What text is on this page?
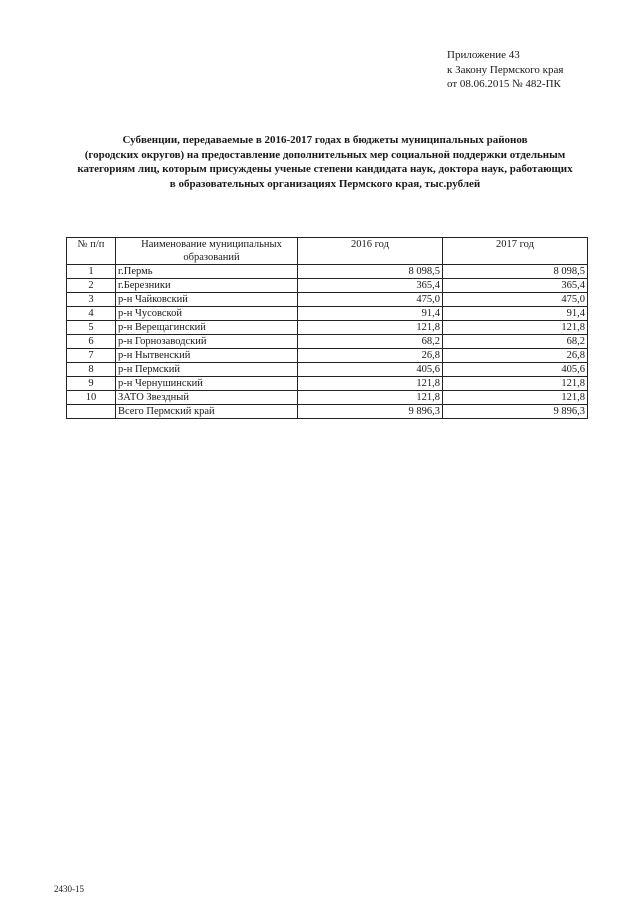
Приложение 43
к Закону Пермского края
от 08.06.2015 № 482-ПК
Субвенции, передаваемые в 2016-2017 годах в бюджеты муниципальных районов
(городских округов) на предоставление дополнительных мер социальной поддержки отдельным
категориям лиц, которым присуждены ученые степени кандидата наук, доктора наук, работающих
в образовательных организациях Пермского края, тыс.рублей
№ п/п	Наименование муниципальных образований	2016 год	2017 год
1	г.Пермь	8 098,5	8 098,5
2	г.Березники	365,4	365,4
3	р-н Чайковский	475,0	475,0
4	р-н Чусовской	91,4	91,4
5	р-н Верещагинский	121,8	121,8
6	р-н Горнозаводский	68,2	68,2
7	р-н Нытвенский	26,8	26,8
8	р-н Пермский	405,6	405,6
9	р-н Чернушинский	121,8	121,8
10	ЗАТО Звездный	121,8	121,8
	Всего Пермский край	9 896,3	9 896,3
2430-15
